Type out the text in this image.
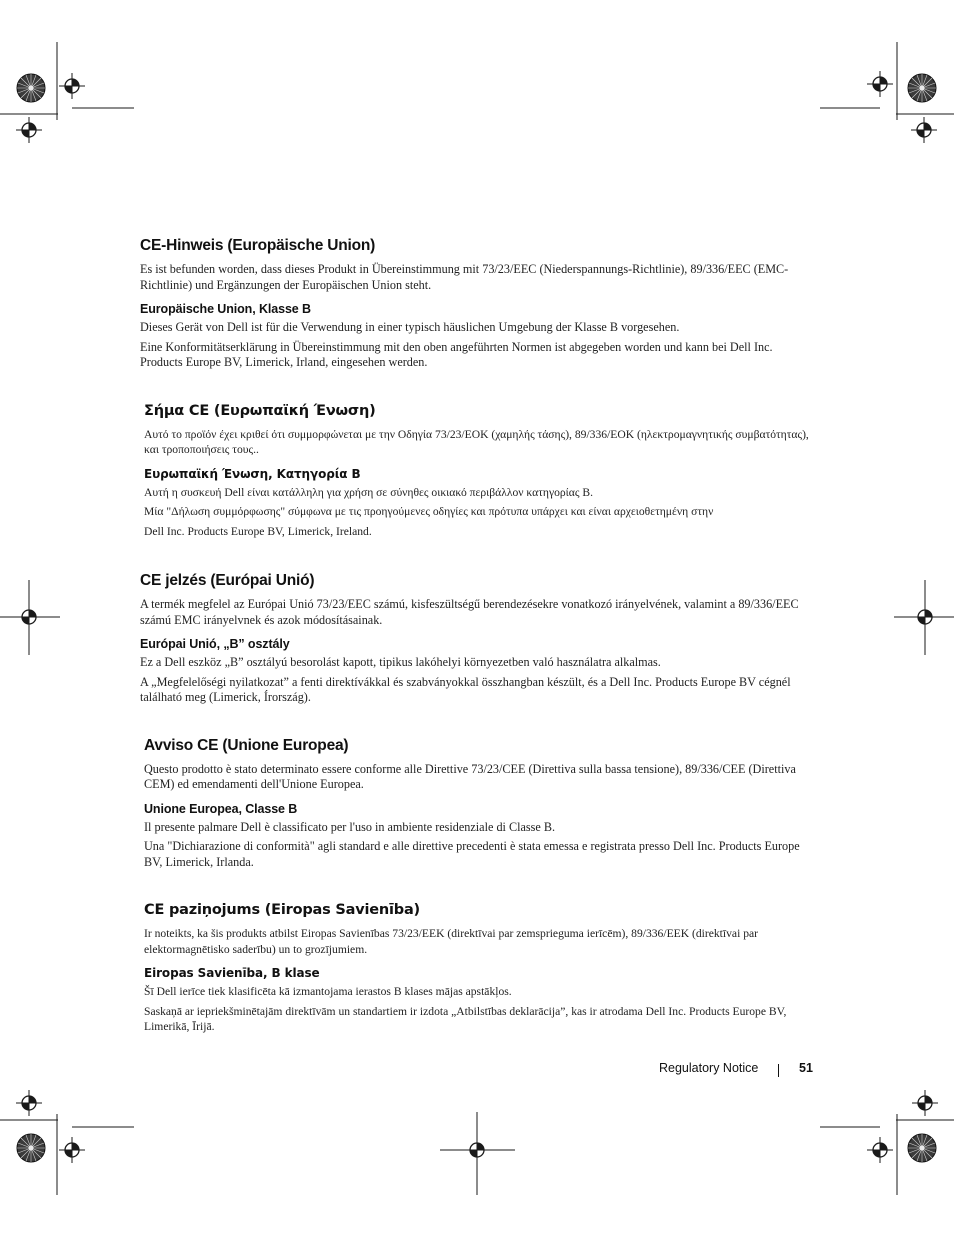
CE-Hinweis (Europäische Union)

Es ist befunden worden, dass dieses Produkt in Übereinstimmung mit 73/23/EEC (Niederspannungs-Richtlinie), 89/336/EEC (EMC-Richtlinie) und Ergänzungen der Europäischen Union steht.

Europäische Union, Klasse B

Dieses Gerät von Dell ist für die Verwendung in einer typisch häuslichen Umgebung der Klasse B vorgesehen.

Eine Konformitätserklärung in Übereinstimmung mit den oben angeführten Normen ist abgegeben worden und kann bei Dell Inc. Products Europe BV, Limerick, Irland, eingesehen werden.

Σήμα CE (Ευρωπαϊκή Ένωση)

Αυτό το προϊόν έχει κριθεί ότι συμμορφώνεται με την Οδηγία 73/23/EOK (χαμηλής τάσης), 89/336/EOK (ηλεκτρομαγνητικής συμβατότητας), και τροποποιήσεις τους..

Ευρωπαϊκή Ένωση, Κατηγορία Β

Αυτή η συσκευή Dell είναι κατάλληλη για χρήση σε σύνηθες οικιακό περιβάλλον κατηγορίας Β.

Μία "Δήλωση συμμόρφωσης" σύμφωνα με τις προηγούμενες οδηγίες και πρότυπα υπάρχει και είναι αρχειοθετημένη στην

Dell Inc. Products Europe BV, Limerick, Ireland.

CE jelzés (Európai Unió)

A termék megfelel az Európai Unió 73/23/EEC számú, kisfeszültségű berendezésekre vonatkozó irányelvének, valamint a 89/336/EEC számú EMC irányelvnek és azok módosításainak.

Európai Unió, „B” osztály

Ez a Dell eszköz „B” osztályú besorolást kapott, tipikus lakóhelyi környezetben való használatra alkalmas.

A „Megfelelőségi nyilatkozat” a fenti direktívákkal és szabványokkal összhangban készült, és a Dell Inc. Products Europe BV cégnél található meg (Limerick, Írország).

Avviso CE (Unione Europea)

Questo prodotto è stato determinato essere conforme alle Direttive 73/23/CEE (Direttiva sulla bassa tensione), 89/336/CEE (Direttiva CEM) ed emendamenti dell'Unione Europea.

Unione Europea, Classe B

Il presente palmare Dell è classificato per l'uso in ambiente residenziale di Classe B.

Una "Dichiarazione di conformità" agli standard e alle direttive precedenti è stata emessa e registrata presso Dell Inc. Products Europe BV, Limerick, Irlanda.

CE paziņojums (Eiropas Savienība)

Ir noteikts, ka šis produkts atbilst Eiropas Savienības 73/23/EEK (direktīvai par zemsprieguma ierīcēm), 89/336/EEK (direktīvai par elektormagnētisko saderību) un to grozījumiem.

Eiropas Savienība, B klase

Šī Dell ierīce tiek klasificēta kā izmantojama ierastos B klases mājas apstākļos.

Saskaņā ar iepriekšminētajām direktīvām un standartiem ir izdota „Atbilstības deklarācija”, kas ir atrodama Dell Inc. Products Europe BV, Limerikā, Īrijā.

Regulatory Notice	51
